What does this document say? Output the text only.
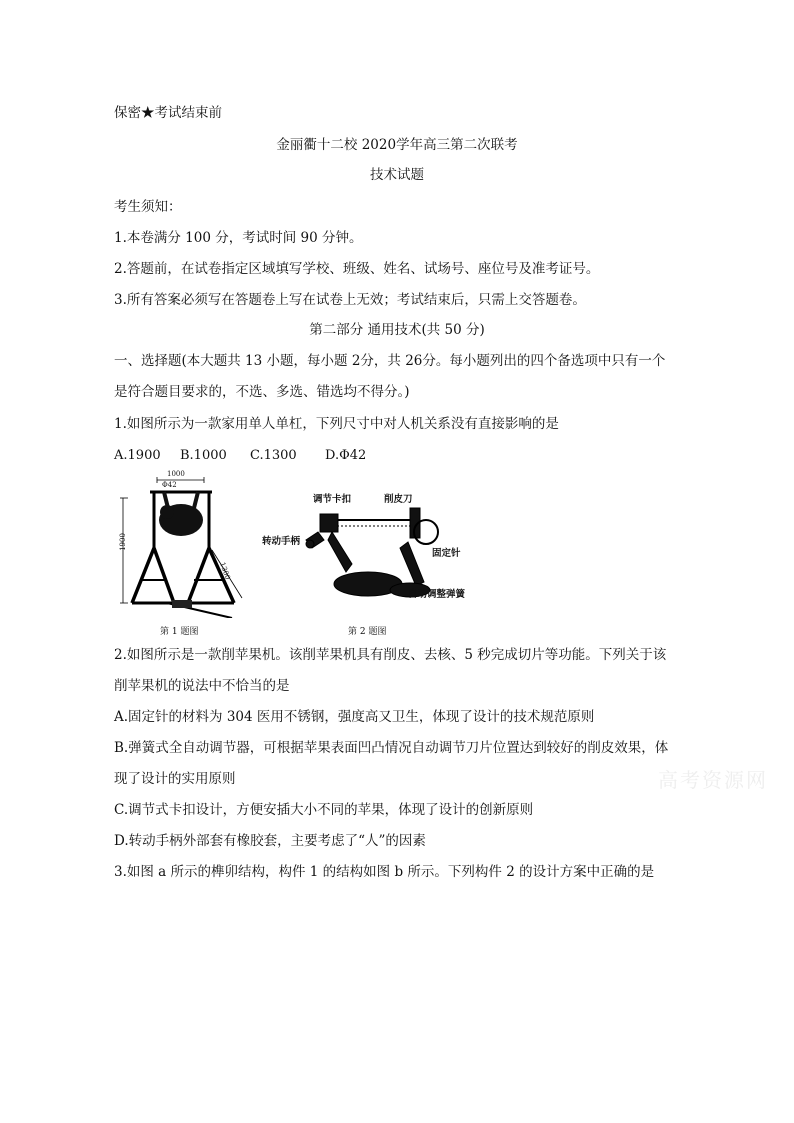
保密★考试结束前
金丽衢十二校 2020学年高三第二次联考
技术试题
考生须知：
1.本卷满分 100 分，考试时间 90 分钟。
2.答题前，在试卷指定区域填写学校、班级、姓名、试场号、座位号及准考证号。
3.所有答案必须写在答题卷上写在试卷上无效；考试结束后，只需上交答题卷。
第二部分 通用技术(共 50 分)
一、选择题(本大题共 13 小题，每小题 2分，共 26分。每小题列出的四个备选项中只有一个
是符合题目要求的，不选、多选、错选均不得分。)
1.如图所示为一款家用单人单杠，下列尺寸中对人机关系没有直接影响的是
A.1900 B.1000 C.1300 D.Φ42
1000
Φ42
1900
1300
第 1 题图
调节卡扣	削皮刀
转动手柄
固定针
自动调整弹簧
第 2 题图
2.如图所示是一款削苹果机。该削苹果机具有削皮、去核、5 秒完成切片等功能。下列关于该
削苹果机的说法中不恰当的是
A.固定针的材料为 304 医用不锈钢，强度高又卫生，体现了设计的技术规范原则
B.弹簧式全自动调节器，可根据苹果表面凹凸情况自动调节刀片位置达到较好的削皮效果，体
现了设计的实用原则
C.调节式卡扣设计，方便安插大小不同的苹果，体现了设计的创新原则
D.转动手柄外部套有橡胶套，主要考虑了“人”的因素
3.如图 a 所示的榫卯结构，构件 1 的结构如图 b 所示。下列构件 2 的设计方案中正确的是
高考资源网
